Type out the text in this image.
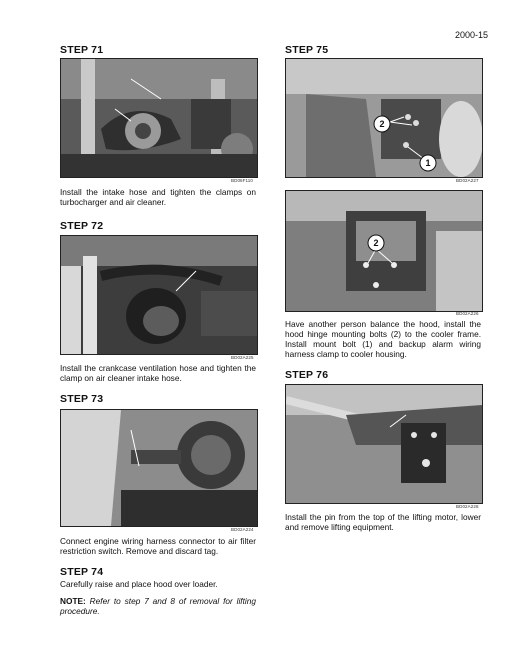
2000-15
STEP 71
BD06F110
Install the intake hose and tighten the clamps on turbocharger and air cleaner.
STEP 72
BD02A225
Install the crankcase ventilation hose and tighten the clamp on air cleaner intake hose.
STEP 73
BD02A224
Connect engine wiring harness connector to air filter restriction switch. Remove and discard tag.
STEP 74
Carefully raise and place hood over loader.
NOTE: Refer to step 7 and 8 of removal for lifting procedure.
STEP 75
2
1
BD02A227
2
BD02A226
Have another person balance the hood, install the hood hinge mounting bolts (2) to the cooler frame. Install mount bolt (1) and backup alarm wiring harness clamp to cooler housing.
STEP 76
BD02A228
Install the pin from the top of the lifting motor, lower and remove lifting equipment.
